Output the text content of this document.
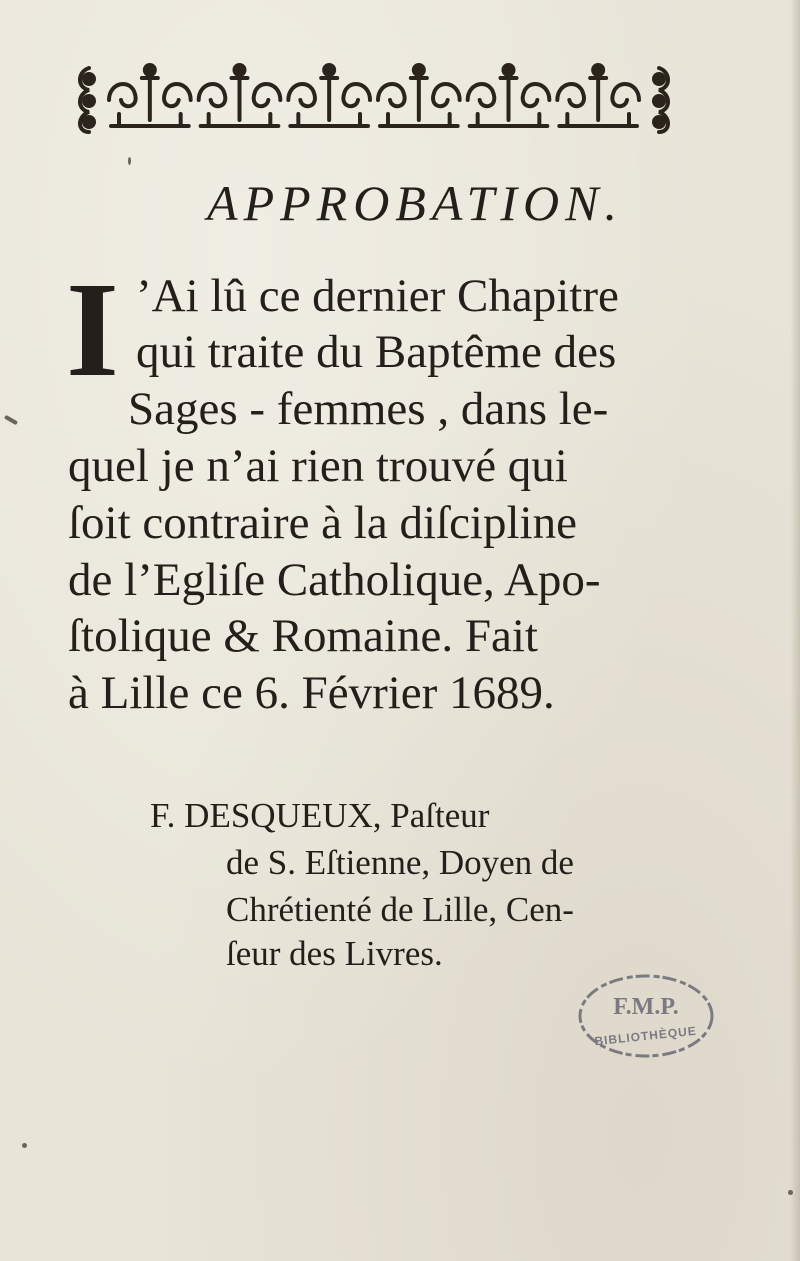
APPROBATION.
I ’Ai lû ce dernier Chapitre
qui traite du Baptême des
Sages - femmes , dans le-
quel je n’ai rien trouvé qui
ſoit contraire à la diſcipline
de l’Egliſe Catholique, Apo-
ſtolique & Romaine. Fait
à Lille ce 6. Février 1689.
F. DESQUEUX, Paſteur
de S. Eſtienne, Doyen de
Chrétienté de Lille, Cen-
ſeur des Livres.
F.M.P.
BIBLIOTHÈQUE
